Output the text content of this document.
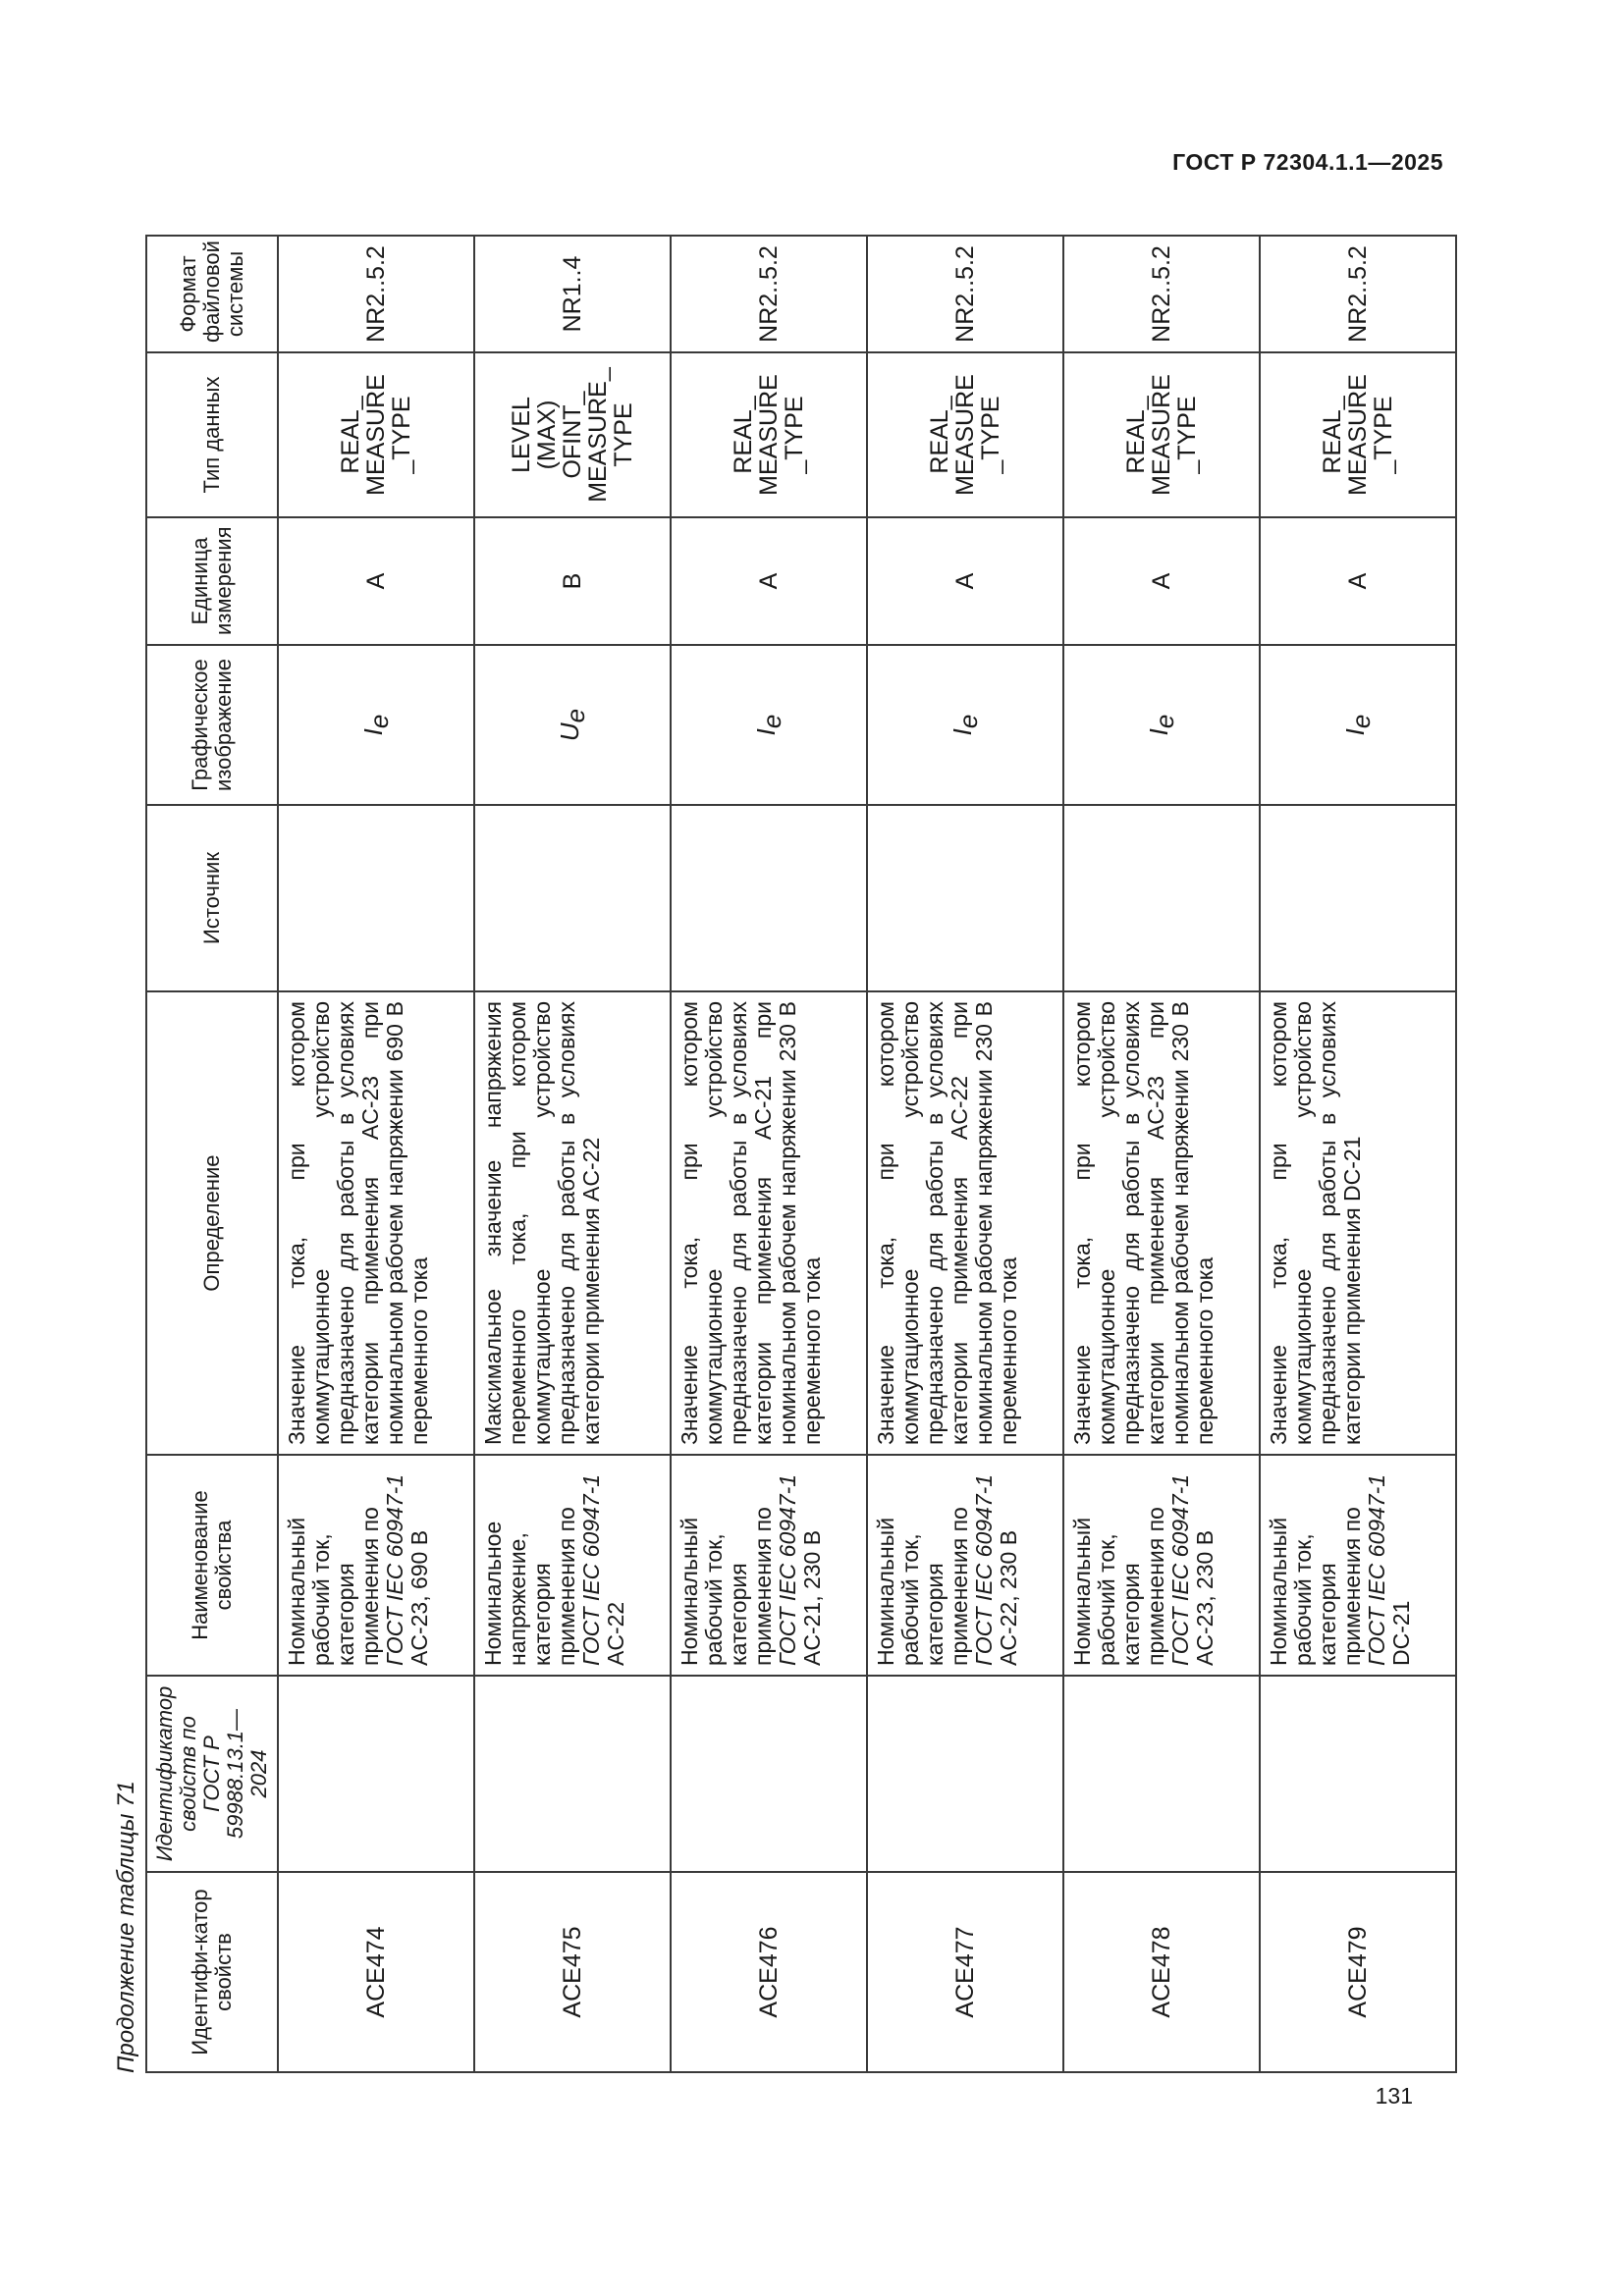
ГОСТ Р 72304.1.1—2025
Продолжение таблицы 71 Идентифи-катор свойств	Идентификатор свойств по ГОСТ Р 59988.13.1—2024	Наименование свойства	Определение	Источник	Графическое изображение	Единица измерения	Тип данных	Формат файловой системы
ACE474		Номинальный рабочий ток, категория применения по ГОСТ IEC 60947-1 AC-23, 690 В	Значение тока, при котором коммутационное устройство предназначено для работы в условиях категории применения AC-23 при номинальном рабочем напряжении 690 В переменного тока		$I_e$	A	REAL_ MEASURE _TYPE	NR2..5.2
ACE475		Номинальное напряжение, категория применения по ГОСТ IEC 60947-1 AC-22	Максимальное значение напряжения переменного тока, при котором коммутационное устройство предназначено для работы в условиях категории применения AC-22		$U_e$	В	LEVEL (MAX) OFINT_ MEASURE_ TYPE	NR1..4
ACE476		Номинальный рабочий ток, категория применения по ГОСТ IEC 60947-1 AC-21, 230 В	Значение тока, при котором коммутационное устройство предназначено для работы в условиях категории применения AC-21 при номинальном рабочем напряжении 230 В переменного тока		$I_e$	A	REAL_ MEASURE _TYPE	NR2..5.2
ACE477		Номинальный рабочий ток, категория применения по ГОСТ IEC 60947-1 AC-22, 230 В	Значение тока, при котором коммутационное устройство предназначено для работы в условиях категории применения AC-22 при номинальном рабочем напряжении 230 В переменного тока		$I_e$	A	REAL_ MEASURE _TYPE	NR2..5.2
ACE478		Номинальный рабочий ток, категория применения по ГОСТ IEC 60947-1 AC-23, 230 В	Значение тока, при котором коммутационное устройство предназначено для работы в условиях категории применения AC-23 при номинальном рабочем напряжении 230 В переменного тока		$I_e$	A	REAL_ MEASURE _TYPE	NR2..5.2
ACE479		Номинальный рабочий ток, категория применения по ГОСТ IEC 60947-1 DC-21	Значение тока, при котором коммутационное устройство предназначено для работы в условиях категории применения DC-21		$I_e$	A	REAL_ MEASURE _TYPE	NR2..5.2
131
